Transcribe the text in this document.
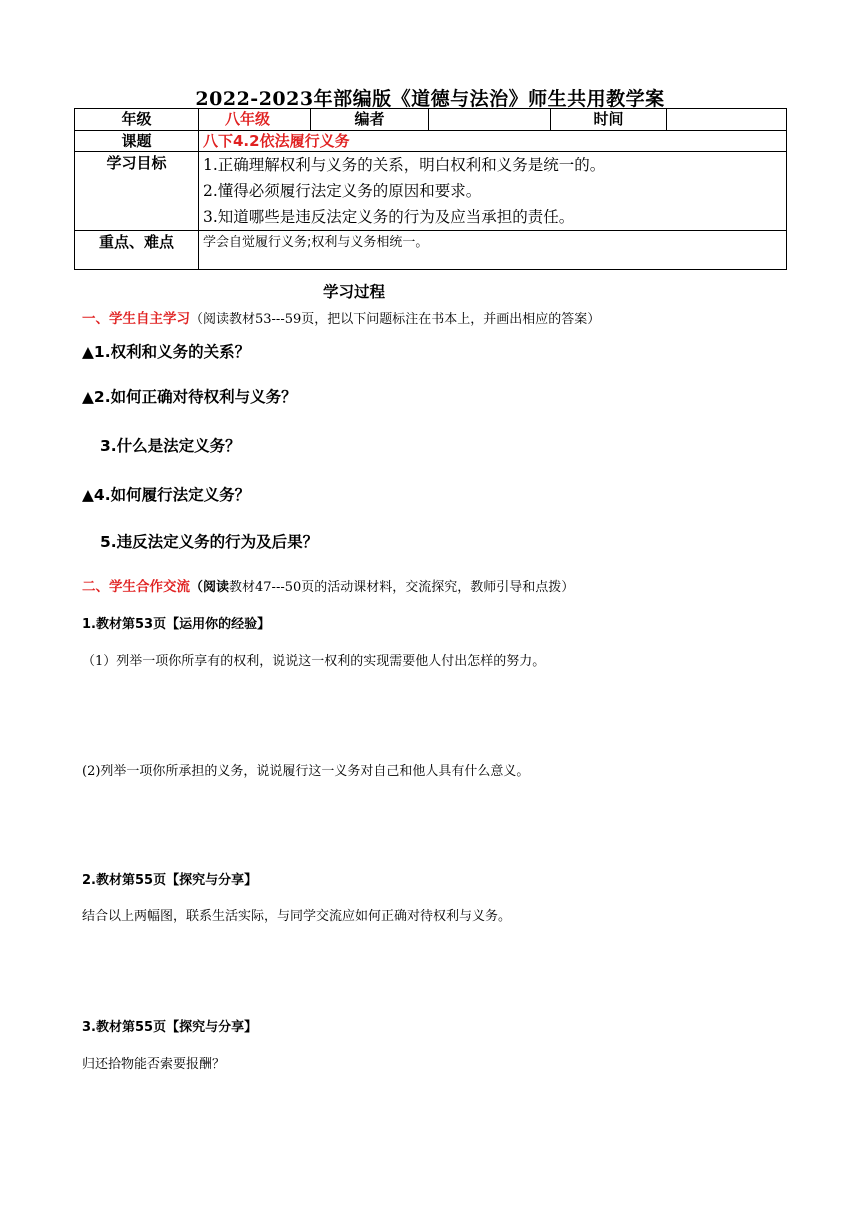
2022-2023年部编版《道德与法治》师生共用教学案
年级	八年级	编者		时间	
课题	八下4.2依法履行义务				
学习目标	1.正确理解权利与义务的关系，明白权利和义务是统一的。
2.懂得必须履行法定义务的原因和要求。
3.知道哪些是违反法定义务的行为及应当承担的责任。				

重点、难点	学会自觉履行义务;权利与义务相统一。				
学习过程
一、学生自主学习（阅读教材53---59页，把以下问题标注在书本上，并画出相应的答案）
▲1.权利和义务的关系？
▲2.如何正确对待权利与义务？
3.什么是法定义务？
▲4.如何履行法定义务？
5.违反法定义务的行为及后果？
二、学生合作交流（阅读教材47---50页的活动课材料，交流探究，教师引导和点拨）
1.教材第53页【运用你的经验】
（1）列举一项你所享有的权利，说说这一权利的实现需要他人付出怎样的努力。
(2)列举一项你所承担的义务，说说履行这一义务对自己和他人具有什么意义。
2.教材第55页【探究与分享】
结合以上两幅图，联系生活实际，与同学交流应如何正确对待权利与义务。
3.教材第55页【探究与分享】
归还拾物能否索要报酬？
